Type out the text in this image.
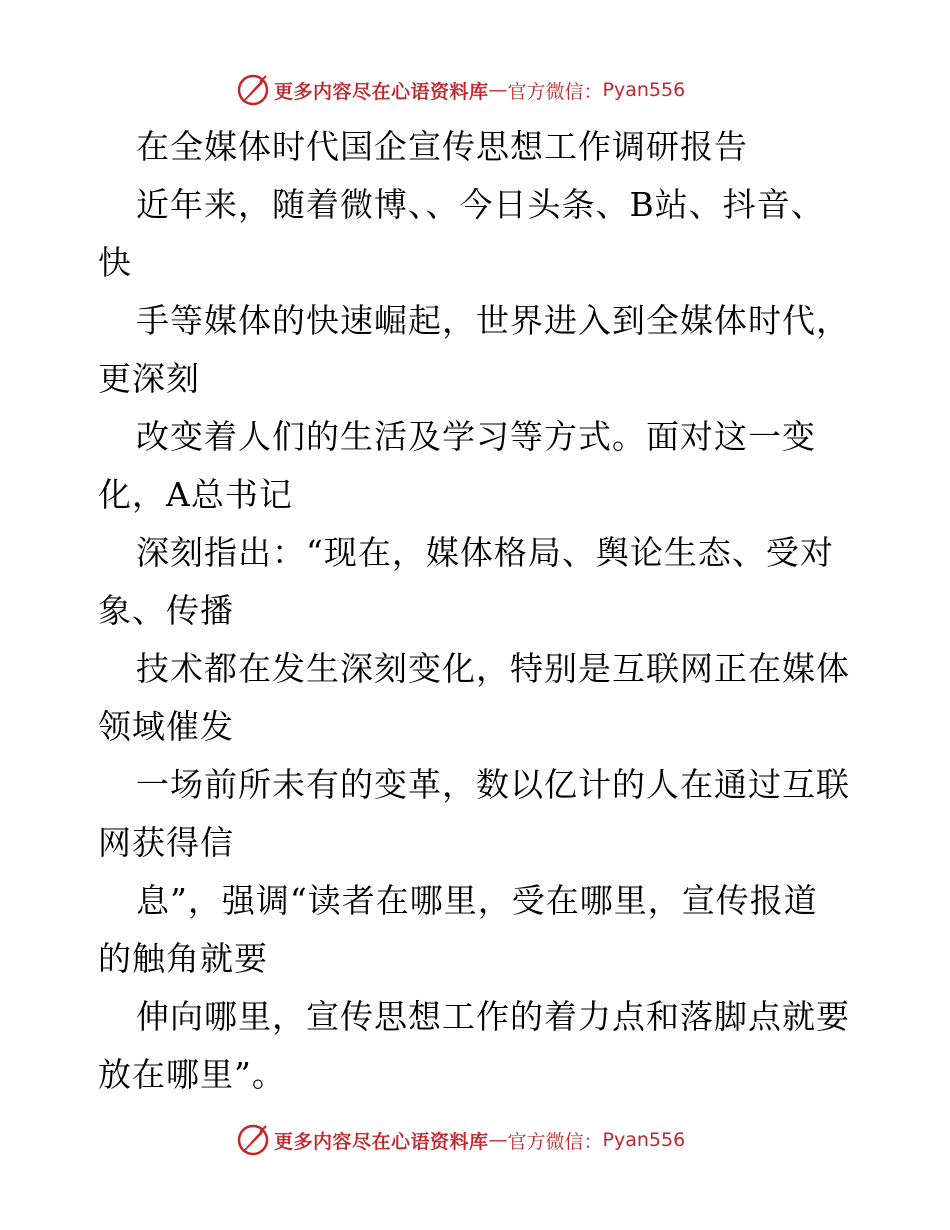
更多内容尽在心语资料库 — 官方微信： Pyan556
在全媒体时代国企宣传思想工作调研报告
近年来，随着微博、、今日头条、B站、抖音、
快
手等媒体的快速崛起，世界进入到全媒体时代，
更深刻
改变着人们的生活及学习等方式。面对这一变
化，A总书记
深刻指出：“现在，媒体格局、舆论生态、受对
象、传播
技术都在发生深刻变化，特别是互联网正在媒体
领域催发
一场前所未有的变革，数以亿计的人在通过互联
网获得信
息”，强调“读者在哪里，受在哪里，宣传报道
的触角就要
伸向哪里，宣传思想工作的着力点和落脚点就要
放在哪里”。
更多内容尽在心语资料库 — 官方微信： Pyan556
